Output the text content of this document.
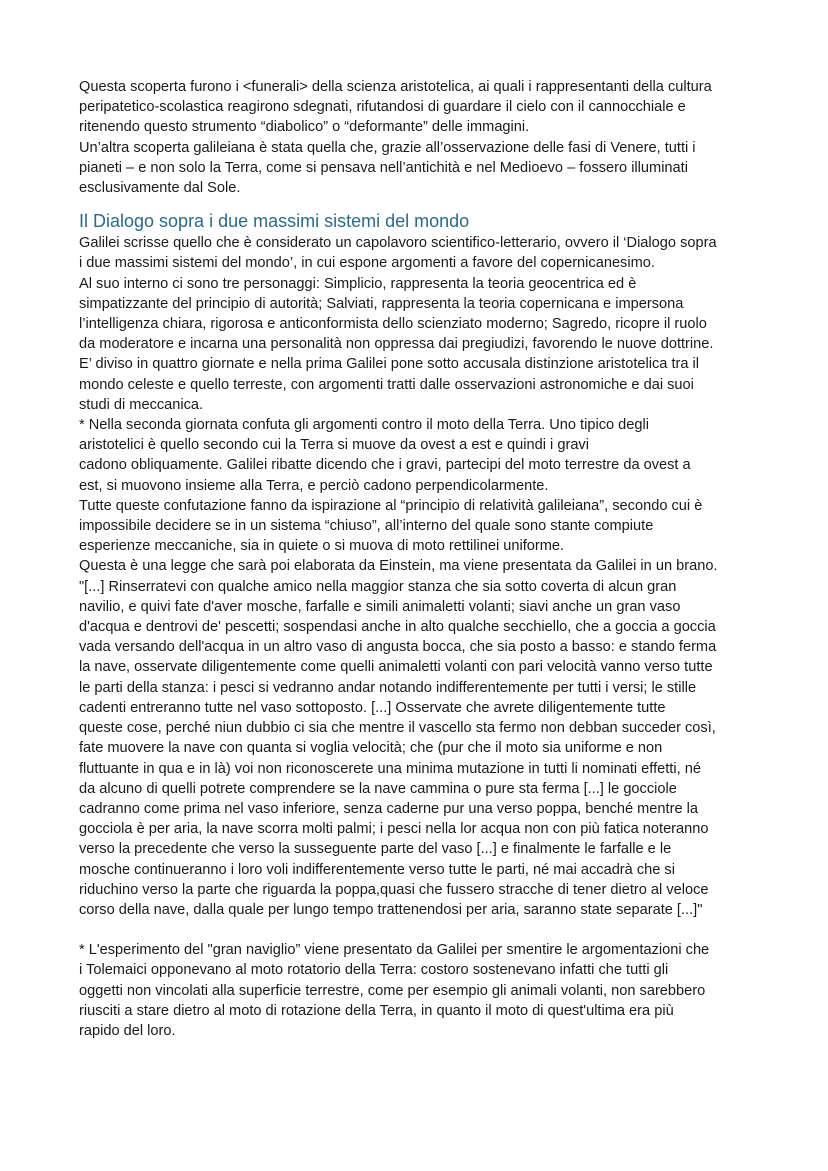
Questa scoperta furono i <funerali> della scienza aristotelica, ai quali i rappresentanti della cultura
peripatetico-scolastica reagirono sdegnati, rifutandosi di guardare il cielo con il cannocchiale e
ritenendo questo strumento “diabolico” o “deformante” delle immagini.
Un’altra scoperta galileiana è stata quella che, grazie all’osservazione delle fasi di Venere, tutti i
pianeti – e non solo la Terra, come si pensava nell’antichità e nel Medioevo – fossero illuminati
esclusivamente dal Sole.
Il Dialogo sopra i due massimi sistemi del mondo
Galilei scrisse quello che è considerato un capolavoro scientifico-letterario, ovvero il ‘Dialogo sopra
i due massimi sistemi del mondo’, in cui espone argomenti a favore del copernicanesimo.
Al suo interno ci sono tre personaggi: Simplicio, rappresenta la teoria geocentrica ed è
simpatizzante del principio di autorità; Salviati, rappresenta la teoria copernicana e impersona
l’intelligenza chiara, rigorosa e anticonformista dello scienziato moderno; Sagredo, ricopre il ruolo
da moderatore e incarna una personalità non oppressa dai pregiudizi, favorendo le nuove dottrine.
E’ diviso in quattro giornate e nella prima Galilei pone sotto accusala distinzione aristotelica tra il
mondo celeste e quello terreste, con argomenti tratti dalle osservazioni astronomiche e dai suoi
studi di meccanica.
* Nella seconda giornata confuta gli argomenti contro il moto della Terra. Uno tipico degli
aristotelici è quello secondo cui la Terra si muove da ovest a est e quindi i gravi
cadono obliquamente. Galilei ribatte dicendo che i gravi, partecipi del moto terrestre da ovest a
est, si muovono insieme alla Terra, e perciò cadono perpendicolarmente.
Tutte queste confutazione fanno da ispirazione al “principio di relatività galileiana”, secondo cui è
impossibile decidere se in un sistema “chiuso”, all’interno del quale sono stante compiute
esperienze meccaniche, sia in quiete o si muova di moto rettilinei uniforme.
Questa è una legge che sarà poi elaborata da Einstein, ma viene presentata da Galilei in un brano.
"[...] Rinserratevi con qualche amico nella maggior stanza che sia sotto coverta di alcun gran
navilio, e quivi fate d'aver mosche, farfalle e simili animaletti volanti; siavi anche un gran vaso
d'acqua e dentrovi de' pescetti; sospendasi anche in alto qualche secchiello, che a goccia a goccia
vada versando dell'acqua in un altro vaso di angusta bocca, che sia posto a basso: e stando ferma
la nave, osservate diligentemente come quelli animaletti volanti con pari velocità vanno verso tutte
le parti della stanza: i pesci si vedranno andar notando indifferentemente per tutti i versi; le stille
cadenti entreranno tutte nel vaso sottoposto. [...] Osservate che avrete diligentemente tutte
queste cose, perché niun dubbio ci sia che mentre il vascello sta fermo non debban succeder così,
fate muovere la nave con quanta si voglia velocità; che (pur che il moto sia uniforme e non
fluttuante in qua e in là) voi non riconoscerete una minima mutazione in tutti li nominati effetti, né
da alcuno di quelli potrete comprendere se la nave cammina o pure sta ferma [...] le gocciole
cadranno come prima nel vaso inferiore, senza caderne pur una verso poppa, benché mentre la
gocciola è per aria, la nave scorra molti palmi; i pesci nella lor acqua non con più fatica noteranno
verso la precedente che verso la susseguente parte del vaso [...] e finalmente le farfalle e le
mosche continueranno i loro voli indifferentemente verso tutte le parti, né mai accadrà che si
riduchino verso la parte che riguarda la poppa,quasi che fussero stracche di tener dietro al veloce
corso della nave, dalla quale per lungo tempo trattenendosi per aria, saranno state separate [...]"
* L'esperimento del "gran naviglio” viene presentato da Galilei per smentire le argomentazioni che
i Tolemaici opponevano al moto rotatorio della Terra: costoro sostenevano infatti che tutti gli
oggetti non vincolati alla superficie terrestre, come per esempio gli animali volanti, non sarebbero
riusciti a stare dietro al moto di rotazione della Terra, in quanto il moto di quest'ultima era più
rapido del loro.
